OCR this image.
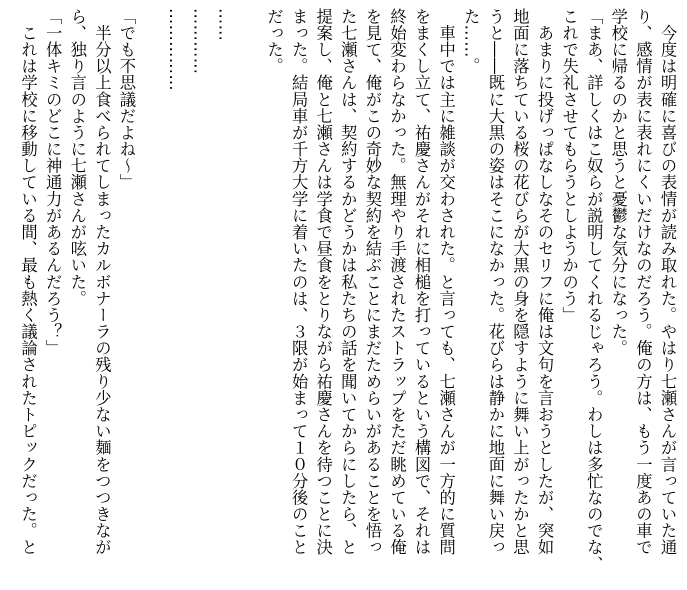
　今度は明確に喜びの表情が読み取れた。やはり七瀬さんが言っていた通
り、感情が表に表れにくいだけなのだろう。俺の方は、もう一度あの車で
学校に帰るのかと思うと憂鬱な気分になった。
「まあ、詳しくはこ奴らが説明してくれるじゃろう。わしは多忙なのでな、
これで失礼させてもらうとしようかのう」
　あまりに投げっぱなしなそのセリフに俺は文句を言おうとしたが、突如
地面に落ちている桜の花びらが大黒の身を隠すように舞い上がったかと思
うと――既に大黒の姿はそこになかった。花びらは静かに地面に舞い戻っ
た……。
　車中では主に雑談が交わされた。と言っても、七瀬さんが一方的に質問
をまくし立て、祐慶さんがそれに相槌を打っているという構図で、それは
終始変わらなかった。無理やり手渡されたストラップをただ眺めている俺
を見て、俺がこの奇妙な契約を結ぶことにまだためらいがあることを悟っ
た七瀬さんは、契約するかどうかは私たちの話を聞いてからにしたら、と
提案し、俺と七瀬さんは学食で昼食をとりながら祐慶さんを待つことに決
まった。結局車が千方大学に着いたのは、３限が始まって１０分後のこと
だった。

……
…………
……………

「でも不思議だよね～」
　半分以上食べられてしまったカルボナーラの残り少ない麺をつつきなが
ら、独り言のように七瀬さんが呟いた。
「一体キミのどこに神通力があるんだろう？」
　これは学校に移動している間、最も熱く議論されたトピックだった。と
